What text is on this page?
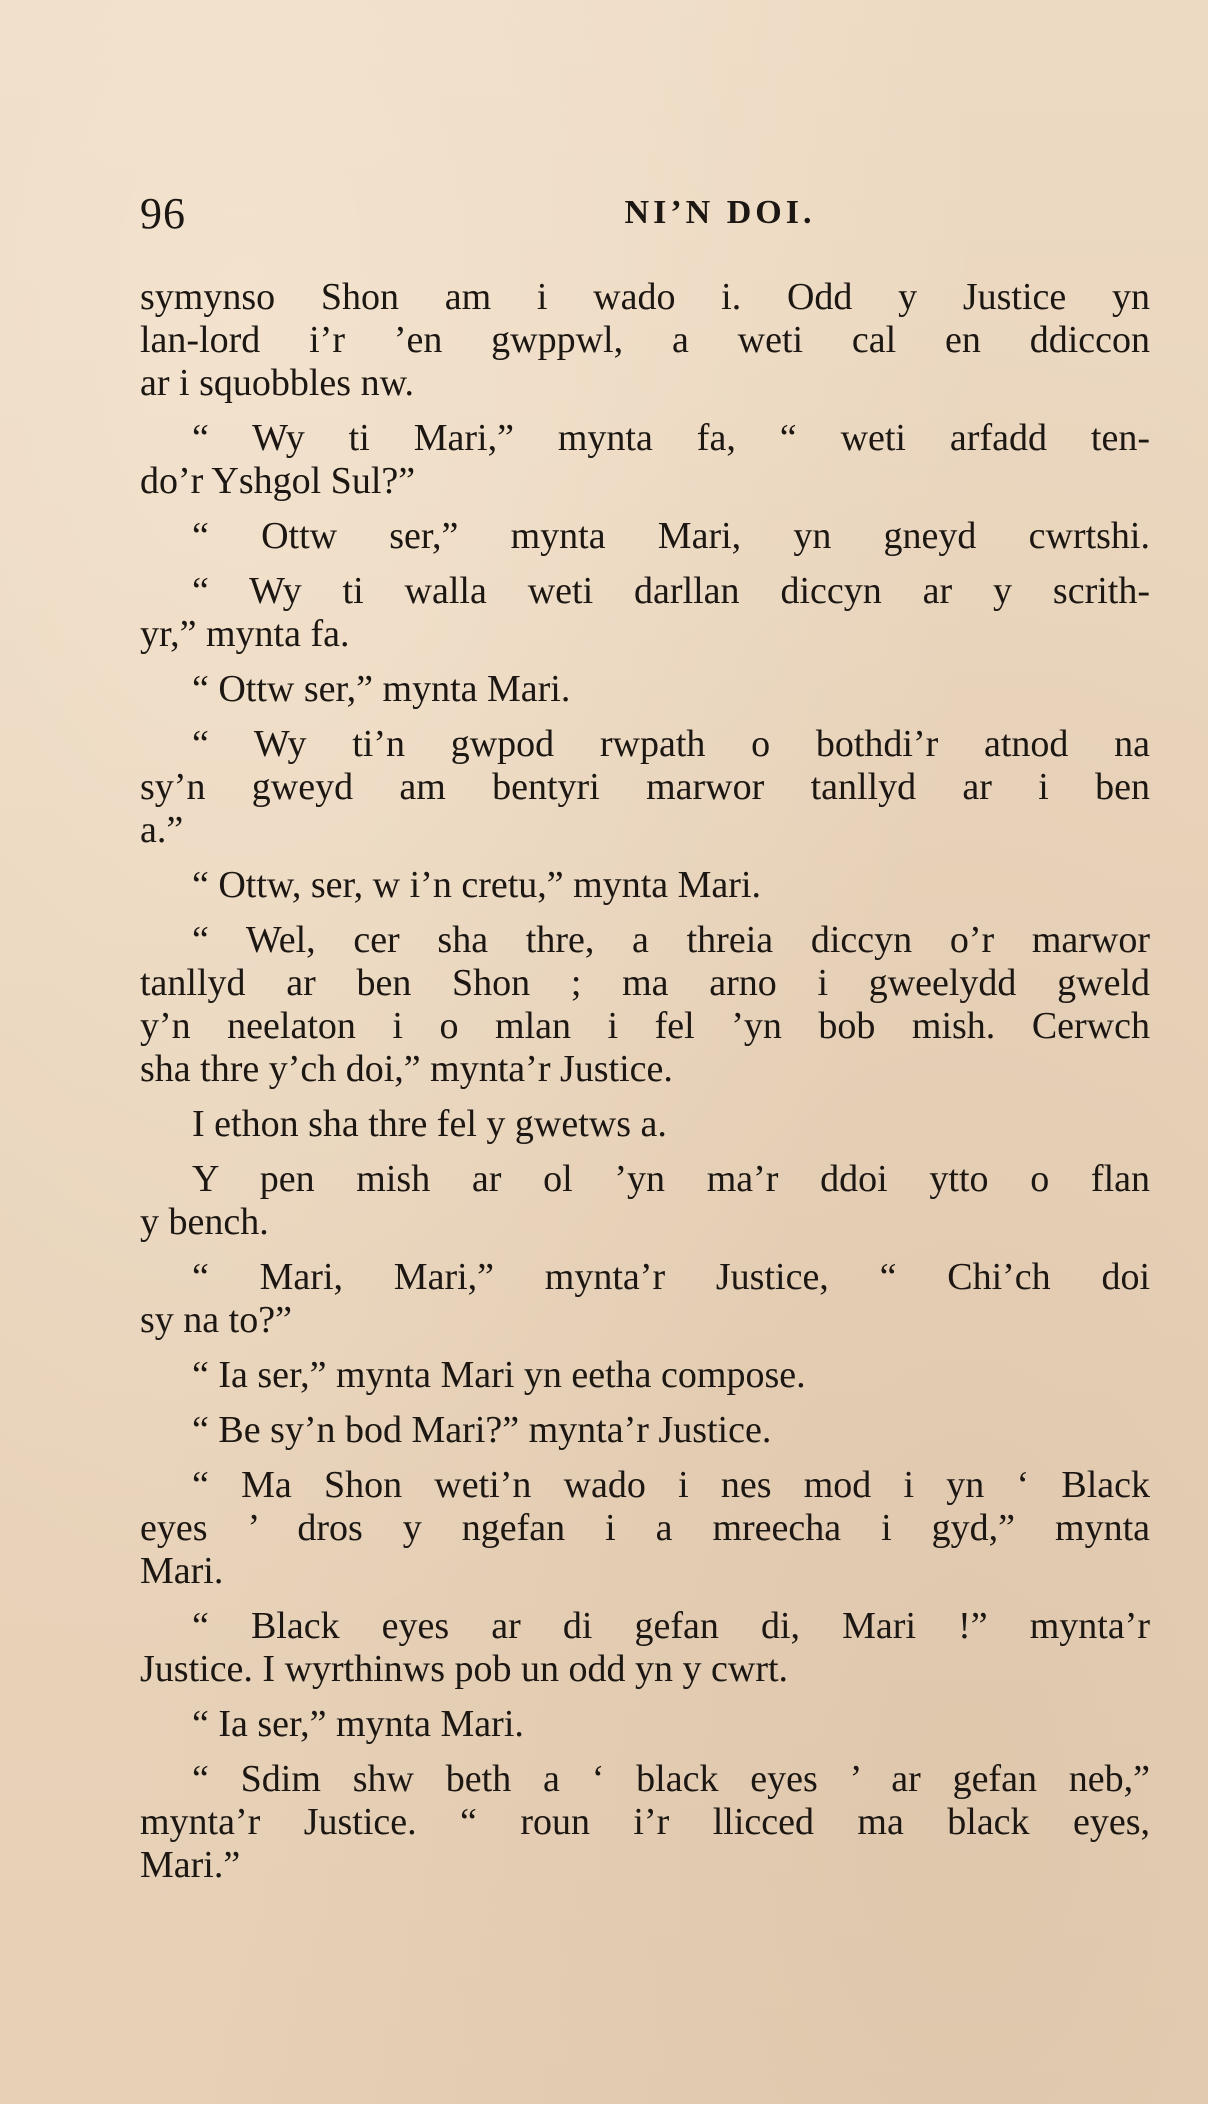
96	NI’N DOI.
symynso Shon am i wado i. Odd y Justice yn
lan-lord i’r ’en gwppwl, a weti cal en ddiccon
ar i squobbles nw.
“ Wy ti Mari,” mynta fa, “ weti arfadd ten-
do’r Yshgol Sul?”
“ Ottw ser,” mynta Mari, yn gneyd cwrtshi.
“ Wy ti walla weti darllan diccyn ar y scrith-
yr,” mynta fa.
“ Ottw ser,” mynta Mari.
“ Wy ti’n gwpod rwpath o bothdi’r atnod na
sy’n gweyd am bentyri marwor tanllyd ar i ben
a.”
“ Ottw, ser, w i’n cretu,” mynta Mari.
“ Wel, cer sha thre, a threia diccyn o’r marwor
tanllyd ar ben Shon ; ma arno i gweelydd gweld
y’n neelaton i o mlan i fel ’yn bob mish. Cerwch
sha thre y’ch doi,” mynta’r Justice.
I ethon sha thre fel y gwetws a.
Y pen mish ar ol ’yn ma’r ddoi ytto o flan
y bench.
“ Mari, Mari,” mynta’r Justice, “ Chi’ch doi
sy na to?”
“ Ia ser,” mynta Mari yn eetha compose.
“ Be sy’n bod Mari?” mynta’r Justice.
“ Ma Shon weti’n wado i nes mod i yn ‘ Black
eyes ’ dros y ngefan i a mreecha i gyd,” mynta
Mari.
“ Black eyes ar di gefan di, Mari !” mynta’r
Justice. I wyrthinws pob un odd yn y cwrt.
“ Ia ser,” mynta Mari.
“ Sdim shw beth a ‘ black eyes ’ ar gefan neb,”
mynta’r Justice. “ roun i’r llicced ma black eyes,
Mari.”
